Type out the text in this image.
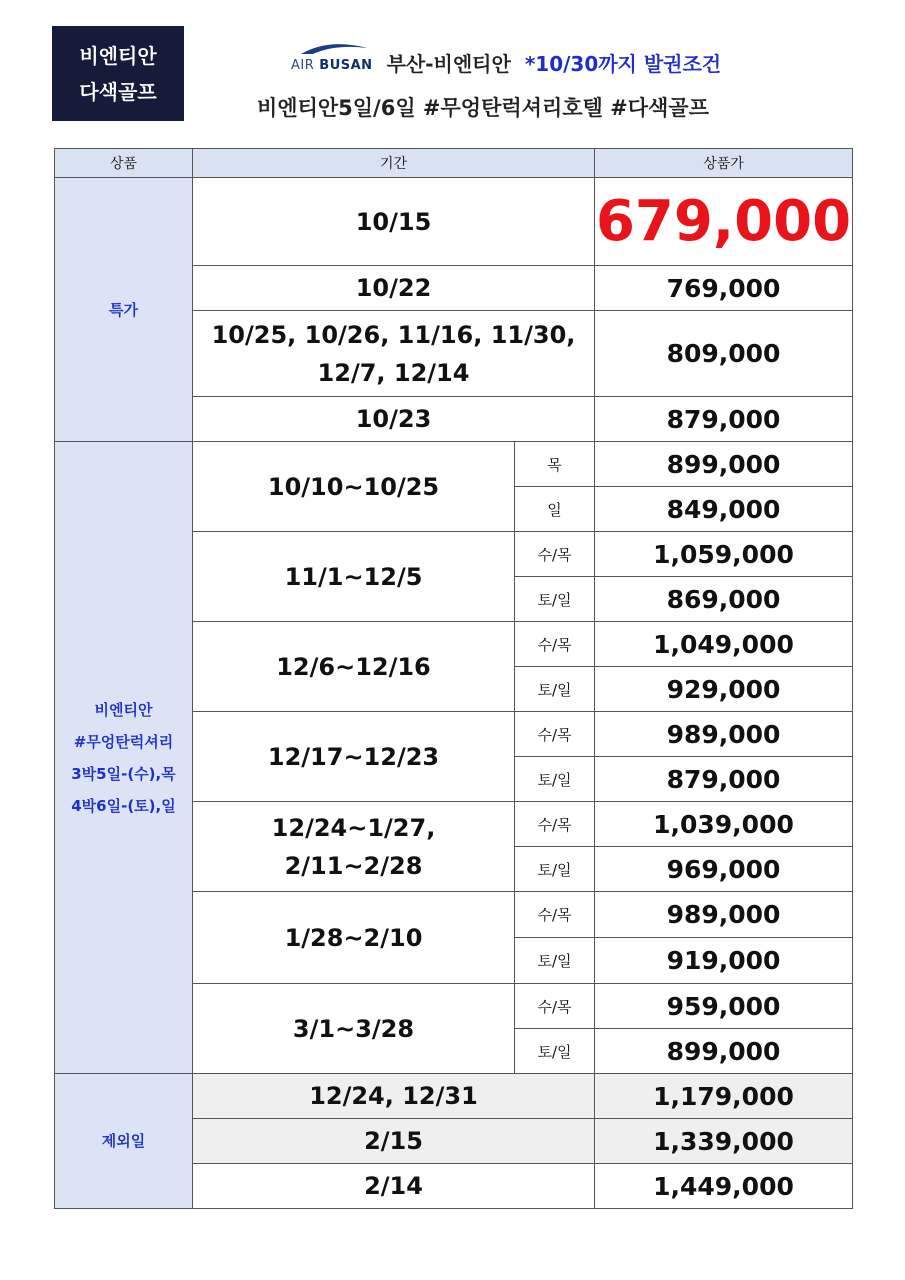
비엔티안
다색골프
AIR BUSAN 부산-비엔티안 *10/30까지 발권조건
비엔티안5일/6일 #무엉탄럭셔리호텔 #다색골프
상품	기간		상품가
특가	10/15		679,000
	10/22		769,000

	10/25, 10/26, 11/16, 11/30,
12/7, 12/14		809,000
	10/23		879,000

비엔티안
#무엉탄럭셔리
3박5일-(수),목
4박6일-(토),일	10/10~10/25	목	899,000
		일	849,000

	11/1~12/5	수/목	1,059,000
		토/일	869,000

	12/6~12/16	수/목	1,049,000
		토/일	929,000

	12/17~12/23	수/목	989,000
		토/일	879,000

	12/24~1/27,
2/11~2/28	수/목	1,039,000
		토/일	969,000

	1/28~2/10	수/목	989,000
		토/일	919,000

	3/1~3/28	수/목	959,000
		토/일	899,000
제외일	12/24, 12/31		1,179,000
	2/15		1,339,000
	2/14		1,449,000
